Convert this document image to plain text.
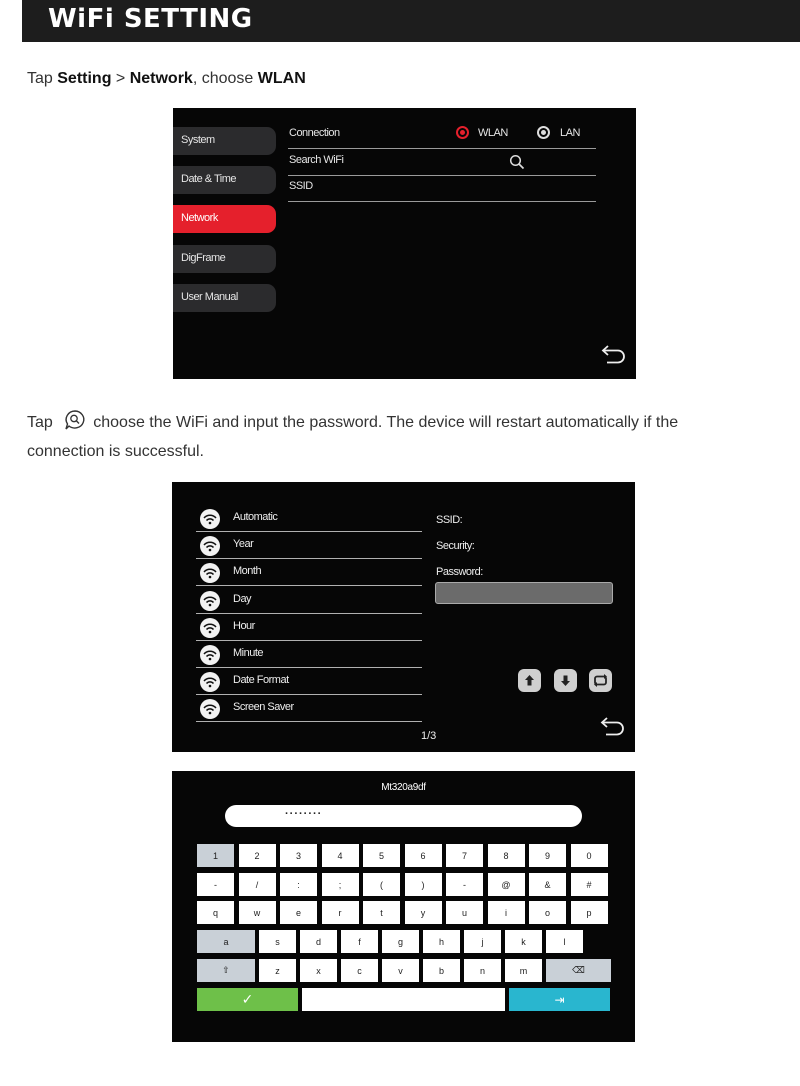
WiFi SETTING
Tap Setting > Network, choose WLAN
System
Date & Time
Network
DigFrame
User Manual
Connection	WLAN	LAN
Search WiFi
SSID
Tap	choose the WiFi and input the password. The device will restart automatically if the
connection is successful.
Automatic
Year
Month
Day
Hour
Minute
Date Format
Screen Saver
SSID:
Security:
Password:
1/3
Mt320a9df
········
1	2	3	4	5	6	7	8	9	0
-	/	:	;	(	)	-	@	&	#
q	w	e	r	t	y	u	i	o	p
a	s	d	f	g	h	j	k	l
⇧	z	x	c	v	b	n	m	⌫
✓	⇥
